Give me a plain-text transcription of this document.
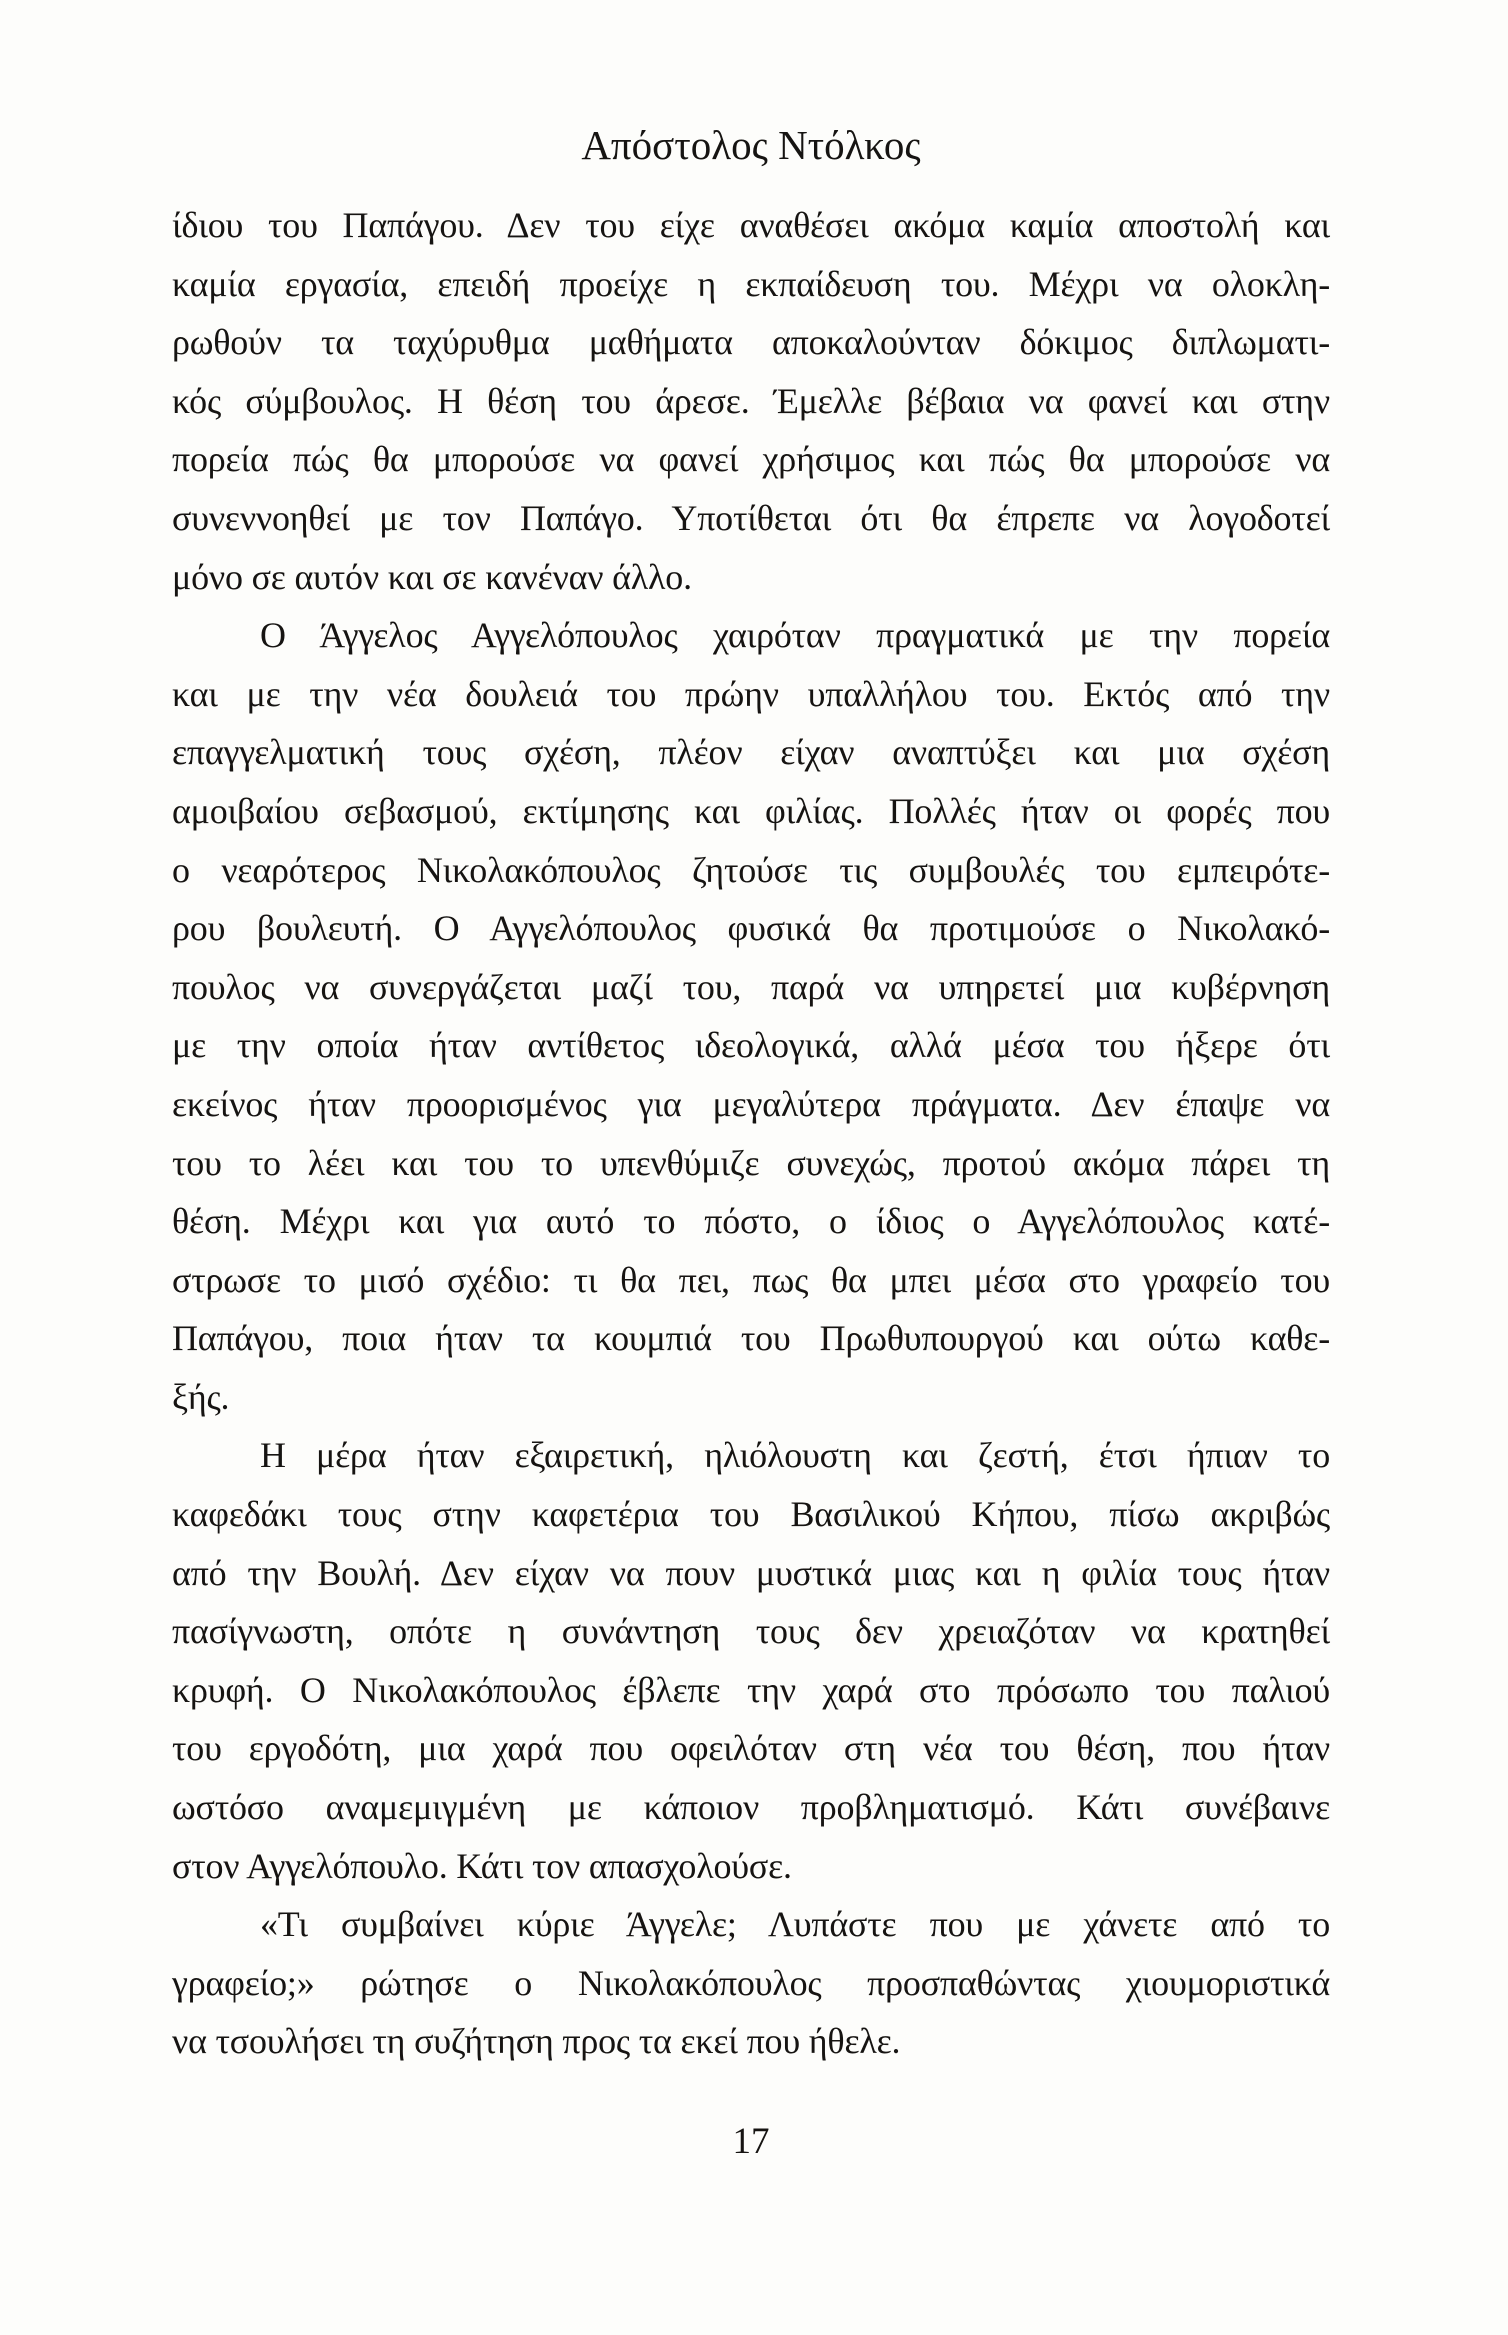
Απόστολος Ντόλκος
ίδιου του Παπάγου. Δεν του είχε αναθέσει ακόμα καμία αποστολή και
καμία εργασία, επειδή προείχε η εκπαίδευση του. Μέχρι να ολοκλη-
ρωθούν τα ταχύρυθμα μαθήματα αποκαλούνταν δόκιμος διπλωματι-
κός σύμβουλος. Η θέση του άρεσε. Έμελλε βέβαια να φανεί και στην
πορεία πώς θα μπορούσε να φανεί χρήσιμος και πώς θα μπορούσε να
συνεννοηθεί με τον Παπάγο. Υποτίθεται ότι θα έπρεπε να λογοδοτεί
μόνο σε αυτόν και σε κανέναν άλλο.
Ο Άγγελος Αγγελόπουλος χαιρόταν πραγματικά με την πορεία
και με την νέα δουλειά του πρώην υπαλλήλου του. Εκτός από την
επαγγελματική τους σχέση, πλέον είχαν αναπτύξει και μια σχέση
αμοιβαίου σεβασμού, εκτίμησης και φιλίας. Πολλές ήταν οι φορές που
ο νεαρότερος Νικολακόπουλος ζητούσε τις συμβουλές του εμπειρότε-
ρου βουλευτή. Ο Αγγελόπουλος φυσικά θα προτιμούσε ο Νικολακό-
πουλος να συνεργάζεται μαζί του, παρά να υπηρετεί μια κυβέρνηση
με την οποία ήταν αντίθετος ιδεολογικά, αλλά μέσα του ήξερε ότι
εκείνος ήταν προορισμένος για μεγαλύτερα πράγματα. Δεν έπαψε να
του το λέει και του το υπενθύμιζε συνεχώς, προτού ακόμα πάρει τη
θέση. Μέχρι και για αυτό το πόστο, ο ίδιος ο Αγγελόπουλος κατέ-
στρωσε το μισό σχέδιο: τι θα πει, πως θα μπει μέσα στο γραφείο του
Παπάγου, ποια ήταν τα κουμπιά του Πρωθυπουργού και ούτω καθε-
ξής.
Η μέρα ήταν εξαιρετική, ηλιόλουστη και ζεστή, έτσι ήπιαν το
καφεδάκι τους στην καφετέρια του Βασιλικού Κήπου, πίσω ακριβώς
από την Βουλή. Δεν είχαν να πουν μυστικά μιας και η φιλία τους ήταν
πασίγνωστη, οπότε η συνάντηση τους δεν χρειαζόταν να κρατηθεί
κρυφή. Ο Νικολακόπουλος έβλεπε την χαρά στο πρόσωπο του παλιού
του εργοδότη, μια χαρά που οφειλόταν στη νέα του θέση, που ήταν
ωστόσο αναμεμιγμένη με κάποιον προβληματισμό. Κάτι συνέβαινε
στον Αγγελόπουλο. Κάτι τον απασχολούσε.
«Τι συμβαίνει κύριε Άγγελε; Λυπάστε που με χάνετε από το
γραφείο;» ρώτησε ο Νικολακόπουλος προσπαθώντας χιουμοριστικά
να τσουλήσει τη συζήτηση προς τα εκεί που ήθελε.
17
